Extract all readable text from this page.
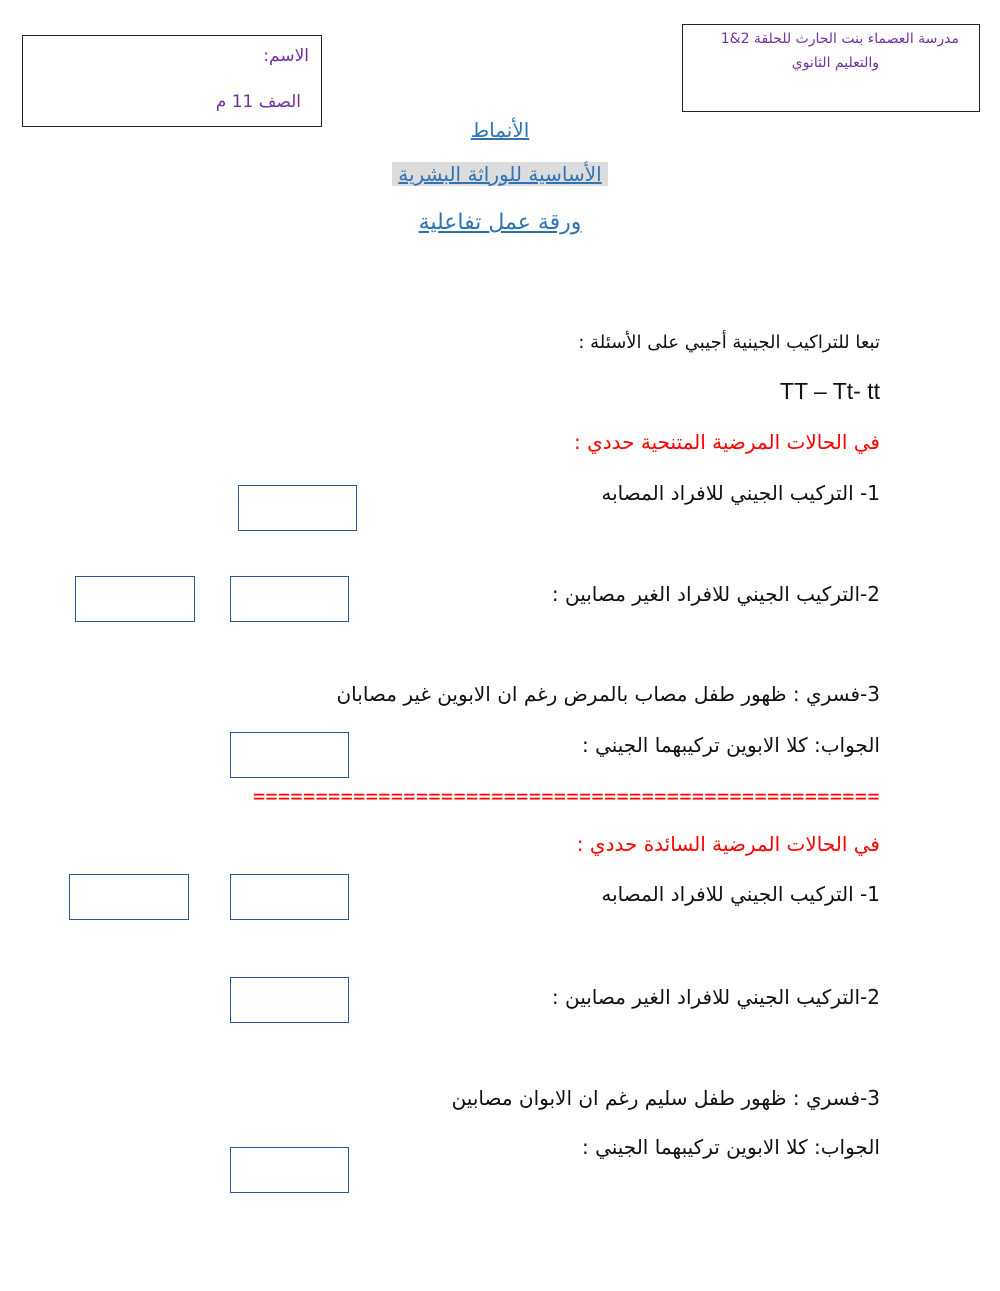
مدرسة العصماء بنت الحارث للحلقة 2&1
والتعليم الثانوي
الاسم:
الصف 11 م
الأنماط
الأساسية للوراثة البشرية
ورقة عمل تفاعلية
تبعا للتراكيب الجينية أجيبي على الأسئلة :
TT – Tt- tt
في الحالات المرضية المتنحية حددي :
1- التركيب الجيني للافراد المصابه
2-التركيب الجيني للافراد الغير مصابين :
3-فسري : ظهور طفل مصاب بالمرض رغم ان الابوين غير مصابان
الجواب: كلا الابوين تركيبهما الجيني :
==================================================
في الحالات المرضية السائدة حددي :
1- التركيب الجيني للافراد المصابه
2-التركيب الجيني للافراد الغير مصابين :
3-فسري : ظهور طفل سليم رغم ان الابوان مصابين
الجواب: كلا الابوين تركيبهما الجيني :
